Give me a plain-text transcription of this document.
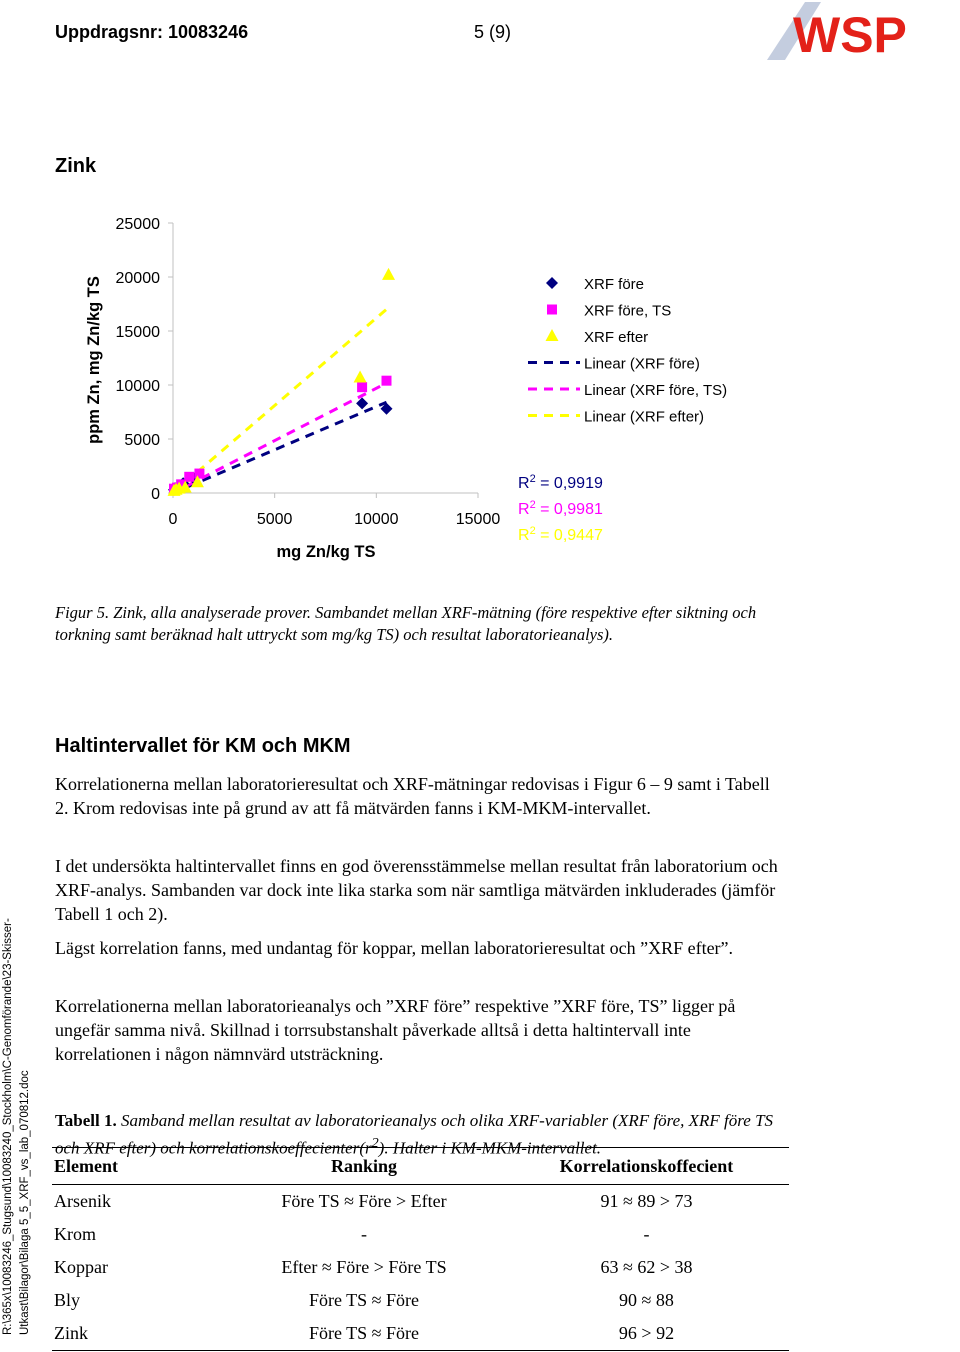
Uppdragsnr: 10083246	5 (9)	WSP
Zink
0
5000
10000
15000
20000
25000
0	5000	10000	15000
mg Zn/kg TS
ppm Zn, mg Zn/kg TS	XRF före
XRF före, TS
XRF efter
Linear (XRF före)
Linear (XRF före, TS)
Linear (XRF efter)
$R^2 = 0,9919$
$R^2 = 0,9981$
$R^2 = 0,9447$
Figur 5. Zink, alla analyserade prover. Sambandet mellan XRF-mätning (före respektive efter siktning och torkning samt beräknad halt uttryckt som mg/kg TS) och resultat laboratorieanalys).
Haltintervallet för KM och MKM
Korrelationerna mellan laboratorieresultat och XRF-mätningar redovisas i Figur 6 – 9 samt i Tabell 2. Krom redovisas inte på grund av att få mätvärden fanns i KM-MKM-intervallet.
I det undersökta haltintervallet finns en god överensstämmelse mellan resultat från laboratorium och XRF-analys. Sambanden var dock inte lika starka som när samtliga mätvärden inkluderades (jämför Tabell 1 och 2).
Lägst korrelation fanns, med undantag för koppar, mellan laboratorieresultat och ”XRF efter”.
Korrelationerna mellan laboratorieanalys och ”XRF före” respektive ”XRF före, TS” ligger på ungefär samma nivå. Skillnad i torrsubstanshalt påverkade alltså i detta haltintervall inte korrelationen i någon nämnvärd utsträckning.
Tabell 1. Samband mellan resultat av laboratorieanalys och olika XRF-variabler (XRF före, XRF före TS och XRF efter) och $korrelationskoeffecienter(r^2)$. Halter i KM-MKM-intervallet.
Element	Ranking	Korrelationskoffecient
Arsenik	Före TS ≈ Före > Efter	91 ≈ 89 > 73
Krom	-	-
Koppar	Efter ≈ Före > Före TS	63 ≈ 62 > 38
Bly	Före TS ≈ Före	90 ≈ 88
Zink	Före TS ≈ Före	96 > 92
R:\365x\10083246_Stugsund\10083240_Stockholm\C-Genomförande\23-Skisser-Utkast\Bilagor\Bilaga 5_5_XRF_vs_lab_070812.doc
